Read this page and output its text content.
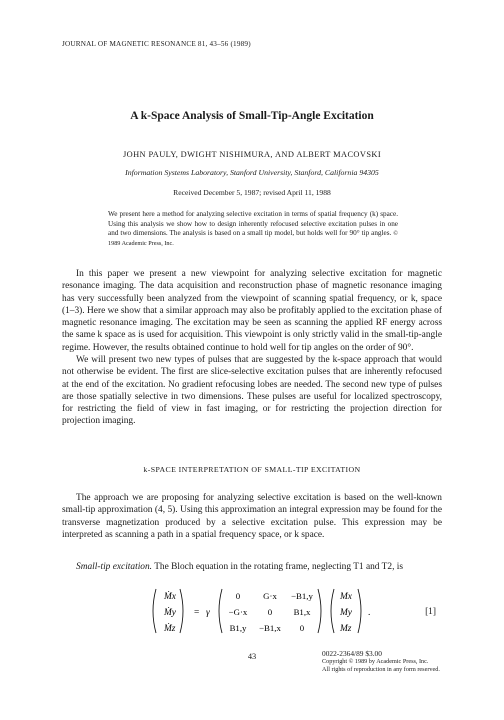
JOURNAL OF MAGNETIC RESONANCE 81, 43–56 (1989)
A k-Space Analysis of Small-Tip-Angle Excitation
JOHN PAULY, DWIGHT NISHIMURA, AND ALBERT MACOVSKI
Information Systems Laboratory, Stanford University, Stanford, California 94305
Received December 5, 1987; revised April 11, 1988
We present here a method for analyzing selective excitation in terms of spatial frequency (k) space. Using this analysis we show how to design inherently refocused selective excitation pulses in one and two dimensions. The analysis is based on a small tip model, but holds well for 90° tip angles. © 1989 Academic Press, Inc.

In this paper we present a new viewpoint for analyzing selective excitation for magnetic resonance imaging. The data acquisition and reconstruction phase of magnetic resonance imaging has very successfully been analyzed from the viewpoint of scanning spatial frequency, or k, space (1–3). Here we show that a similar approach may also be profitably applied to the excitation phase of magnetic resonance imaging. The excitation may be seen as scanning the applied RF energy across the same k space as is used for acquisition. This viewpoint is only strictly valid in the small-tip-angle regime. However, the results obtained continue to hold well for tip angles on the order of 90°.

We will present two new types of pulses that are suggested by the k-space approach that would not otherwise be evident. The first are slice-selective excitation pulses that are inherently refocused at the end of the excitation. No gradient refocusing lobes are needed. The second new type of pulses are those spatially selective in two dimensions. These pulses are useful for localized spectroscopy, for restricting the field of view in fast imaging, or for restricting the projection direction for projection imaging.

k-SPACE INTERPRETATION OF SMALL-TIP EXCITATION

The approach we are proposing for analyzing selective excitation is based on the well-known small-tip approximation (4, 5). Using this approximation an integral expression may be found for the transverse magnetization produced by a selective excitation pulse. This expression may be interpreted as scanning a path in a spatial frequency space, or k space.

Small-tip excitation. The Bloch equation in the rotating frame, neglecting T1 and T2, is

Ṁx
Ṁy
Ṁz
= γ
0	G·x −B1,y
−G·x 0 B1,x
B1,y −B1,x 0
Mx
My
Mz
.	[1]
43	0022-2364/89 $3.00
Copyright © 1989 by Academic Press, Inc.
All rights of reproduction in any form reserved.
